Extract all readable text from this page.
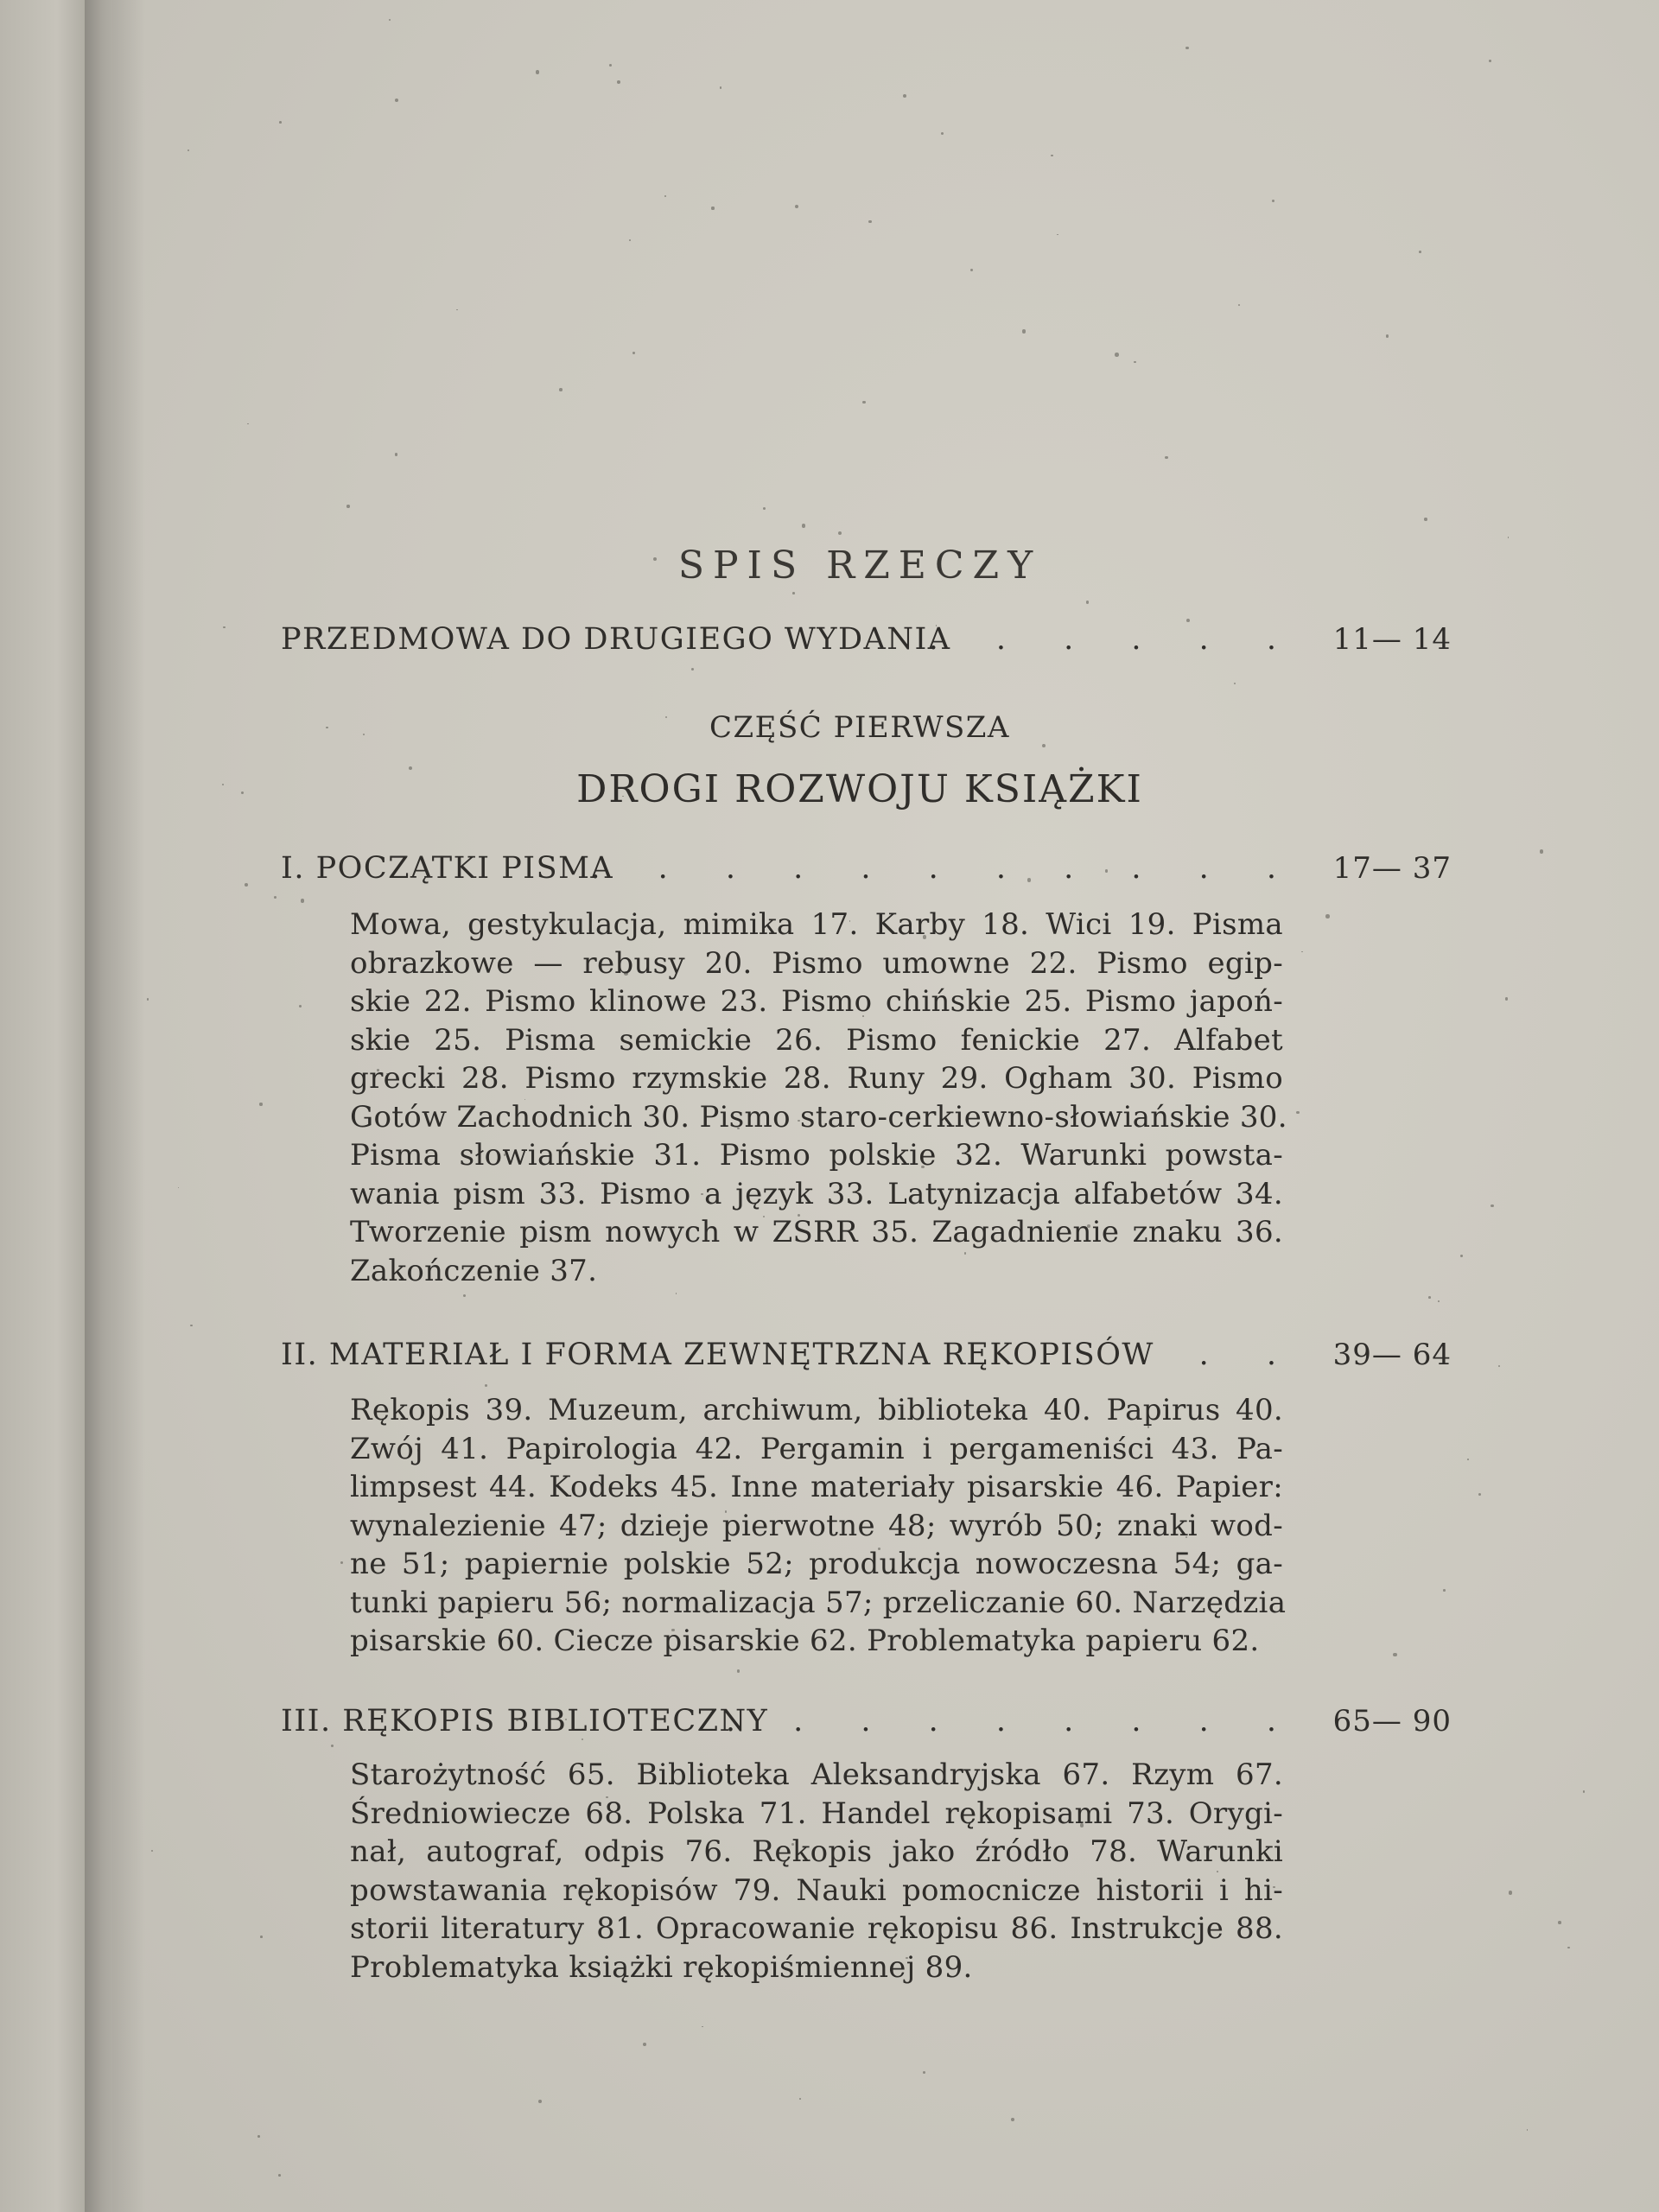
SPIS RZECZY
PRZEDMOWA DO DRUGIEGO WYDANIA
. . . . . . 11— 14
CZĘŚĆ PIERWSZA
DROGI ROZWOJU KSIĄŻKI
I. POCZĄTKI PISMA
. . . . . . . . . . . 17— 37
Mowa, gestykulacja, mimika 17. Karby 18. Wici 19. Pisma
obrazkowe — rebusy 20. Pismo umowne 22. Pismo egip-
skie 22. Pismo klinowe 23. Pismo chińskie 25. Pismo japoń-
skie 25. Pisma semickie 26. Pismo fenickie 27. Alfabet
grecki 28. Pismo rzymskie 28. Runy 29. Ogham 30. Pismo
Gotów Zachodnich 30. Pismo staro-cerkiewno-słowiańskie 30.
Pisma słowiańskie 31. Pismo polskie 32. Warunki powsta-
wania pism 33. Pismo a język 33. Latynizacja alfabetów 34.
Tworzenie pism nowych w ZSRR 35. Zagadnienie znaku 36.
Zakończenie 37.
II. MATERIAŁ I FORMA ZEWNĘTRZNA RĘKOPISÓW . . 39— 64
Rękopis 39. Muzeum, archiwum, biblioteka 40. Papirus 40.
Zwój 41. Papirologia 42. Pergamin i pergameniści 43. Pa-
limpsest 44. Kodeks 45. Inne materiały pisarskie 46. Papier:
wynalezienie 47; dzieje pierwotne 48; wyrób 50; znaki wod-
ne 51; papiernie polskie 52; produkcja nowoczesna 54; ga-
tunki papieru 56; normalizacja 57; przeliczanie 60. Narzędzia
pisarskie 60. Ciecze pisarskie 62. Problematyka papieru 62.
III. RĘKOPIS BIBLIOTECZNY
. . . . . . . . . 65— 90
Starożytność 65. Biblioteka Aleksandryjska 67. Rzym 67.
Średniowiecze 68. Polska 71. Handel rękopisami 73. Orygi-
nał, autograf, odpis 76. Rękopis jako źródło 78. Warunki
powstawania rękopisów 79. Nauki pomocnicze historii i hi-
storii literatury 81. Opracowanie rękopisu 86. Instrukcje 88.
Problematyka książki rękopiśmiennej 89.
